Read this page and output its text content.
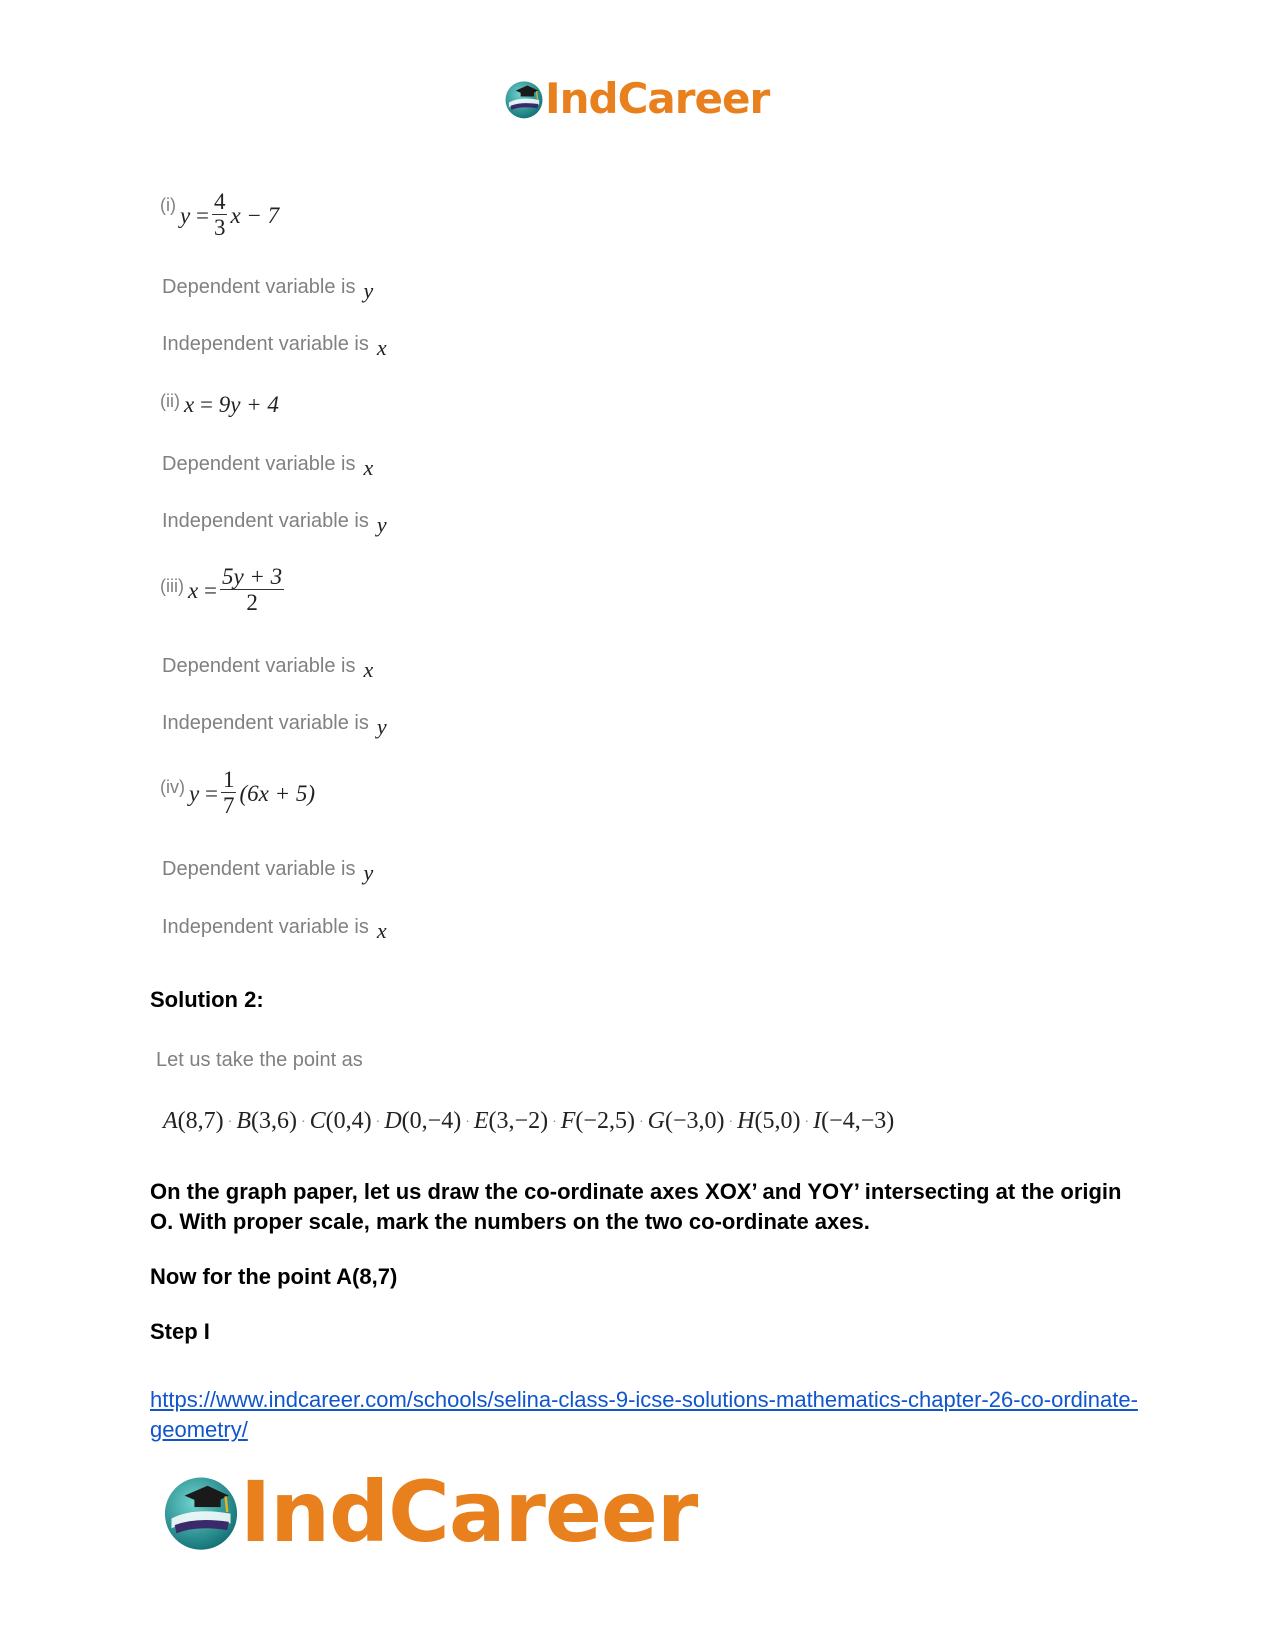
IndCareer
(i) $y = \frac{4}{3}$ x − 7
Dependent variable is y
Independent variable is x
(ii) x = 9y + 4
Dependent variable is x
Independent variable is y
(iii) $x = \frac{5y + 3}{2}$
Dependent variable is x
Independent variable is y
(iv) $y = \frac{1}{7} (6x + 5)$
Dependent variable is y
Independent variable is x
Solution 2:
Let us take the point as
A(8,7) · B(3,6) · C(0,4) · D(0,−4) · E(3,−2) · F(−2,5) · G(−3,0) · H(5,0) · I(−4,−3)
On the graph paper, let us draw the co-ordinate axes XOX’ and YOY’ intersecting at the origin O. With proper scale, mark the numbers on the two co-ordinate axes.
Now for the point A(8,7)
Step I
https://www.indcareer.com/schools/selina-class-9-icse-solutions-mathematics-chapter-26-co-ordinate-geometry/
IndCareer
